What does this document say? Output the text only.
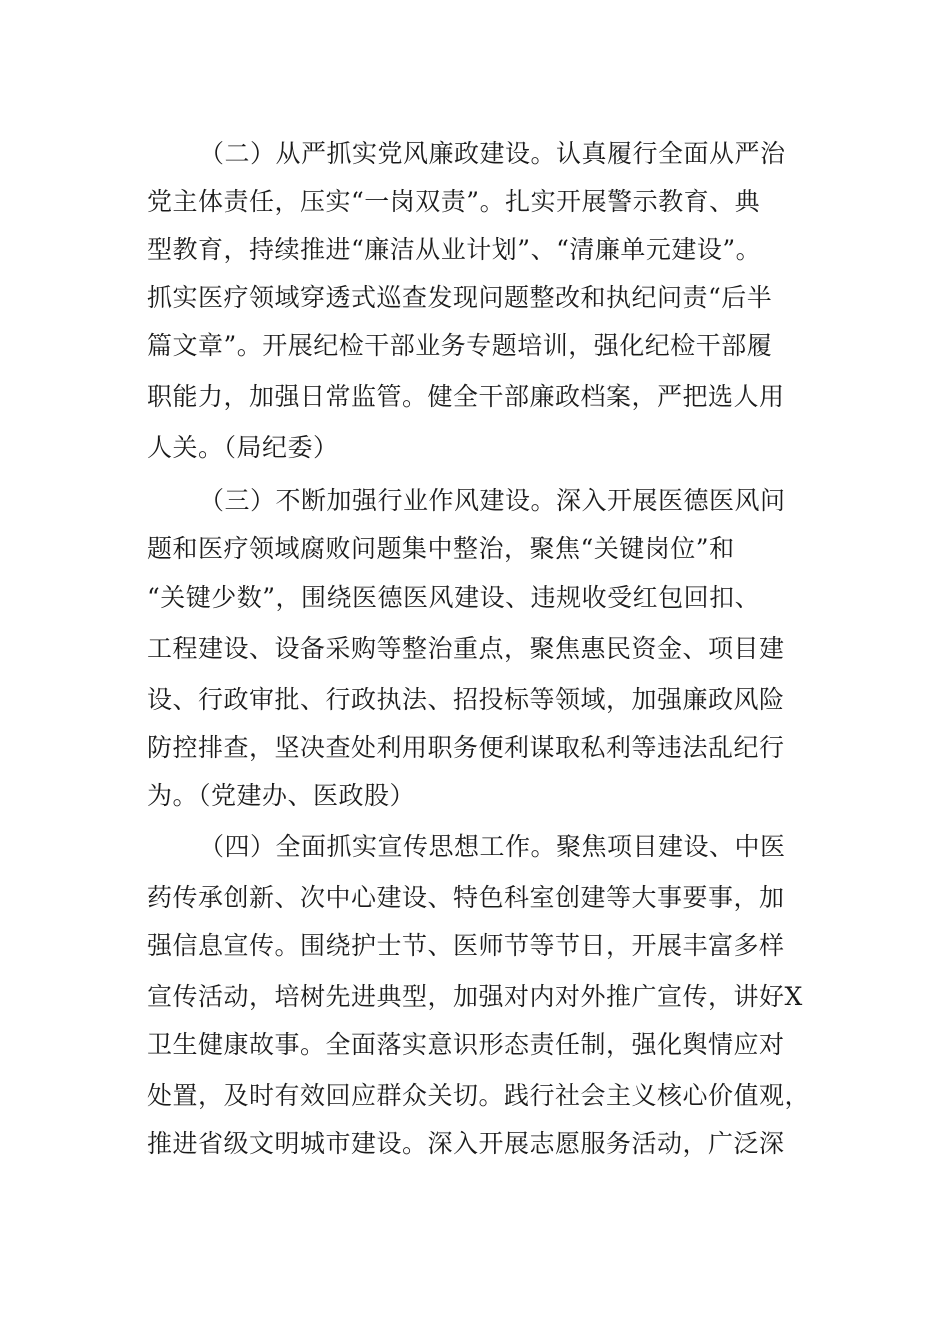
（二）从严抓实党风廉政建设。认真履行全面从严治
党主体责任，压实“一岗双责”。扎实开展警示教育、典
型教育，持续推进“廉洁从业计划”、“清廉单元建设”。
抓实医疗领域穿透式巡查发现问题整改和执纪问责“后半
篇文章”。开展纪检干部业务专题培训，强化纪检干部履
职能力，加强日常监管。健全干部廉政档案，严把选人用
人关。（局纪委）
（三）不断加强行业作风建设。深入开展医德医风问
题和医疗领域腐败问题集中整治，聚焦“关键岗位”和
“关键少数”，围绕医德医风建设、违规收受红包回扣、
工程建设、设备采购等整治重点，聚焦惠民资金、项目建
设、行政审批、行政执法、招投标等领域，加强廉政风险
防控排查，坚决查处利用职务便利谋取私利等违法乱纪行
为。（党建办、医政股）
（四）全面抓实宣传思想工作。聚焦项目建设、中医
药传承创新、次中心建设、特色科室创建等大事要事，加
强信息宣传。围绕护士节、医师节等节日，开展丰富多样
宣传活动，培树先进典型，加强对内对外推广宣传，讲好X
卫生健康故事。全面落实意识形态责任制，强化舆情应对
处置，及时有效回应群众关切。践行社会主义核心价值观，
推进省级文明城市建设。深入开展志愿服务活动，广泛深
